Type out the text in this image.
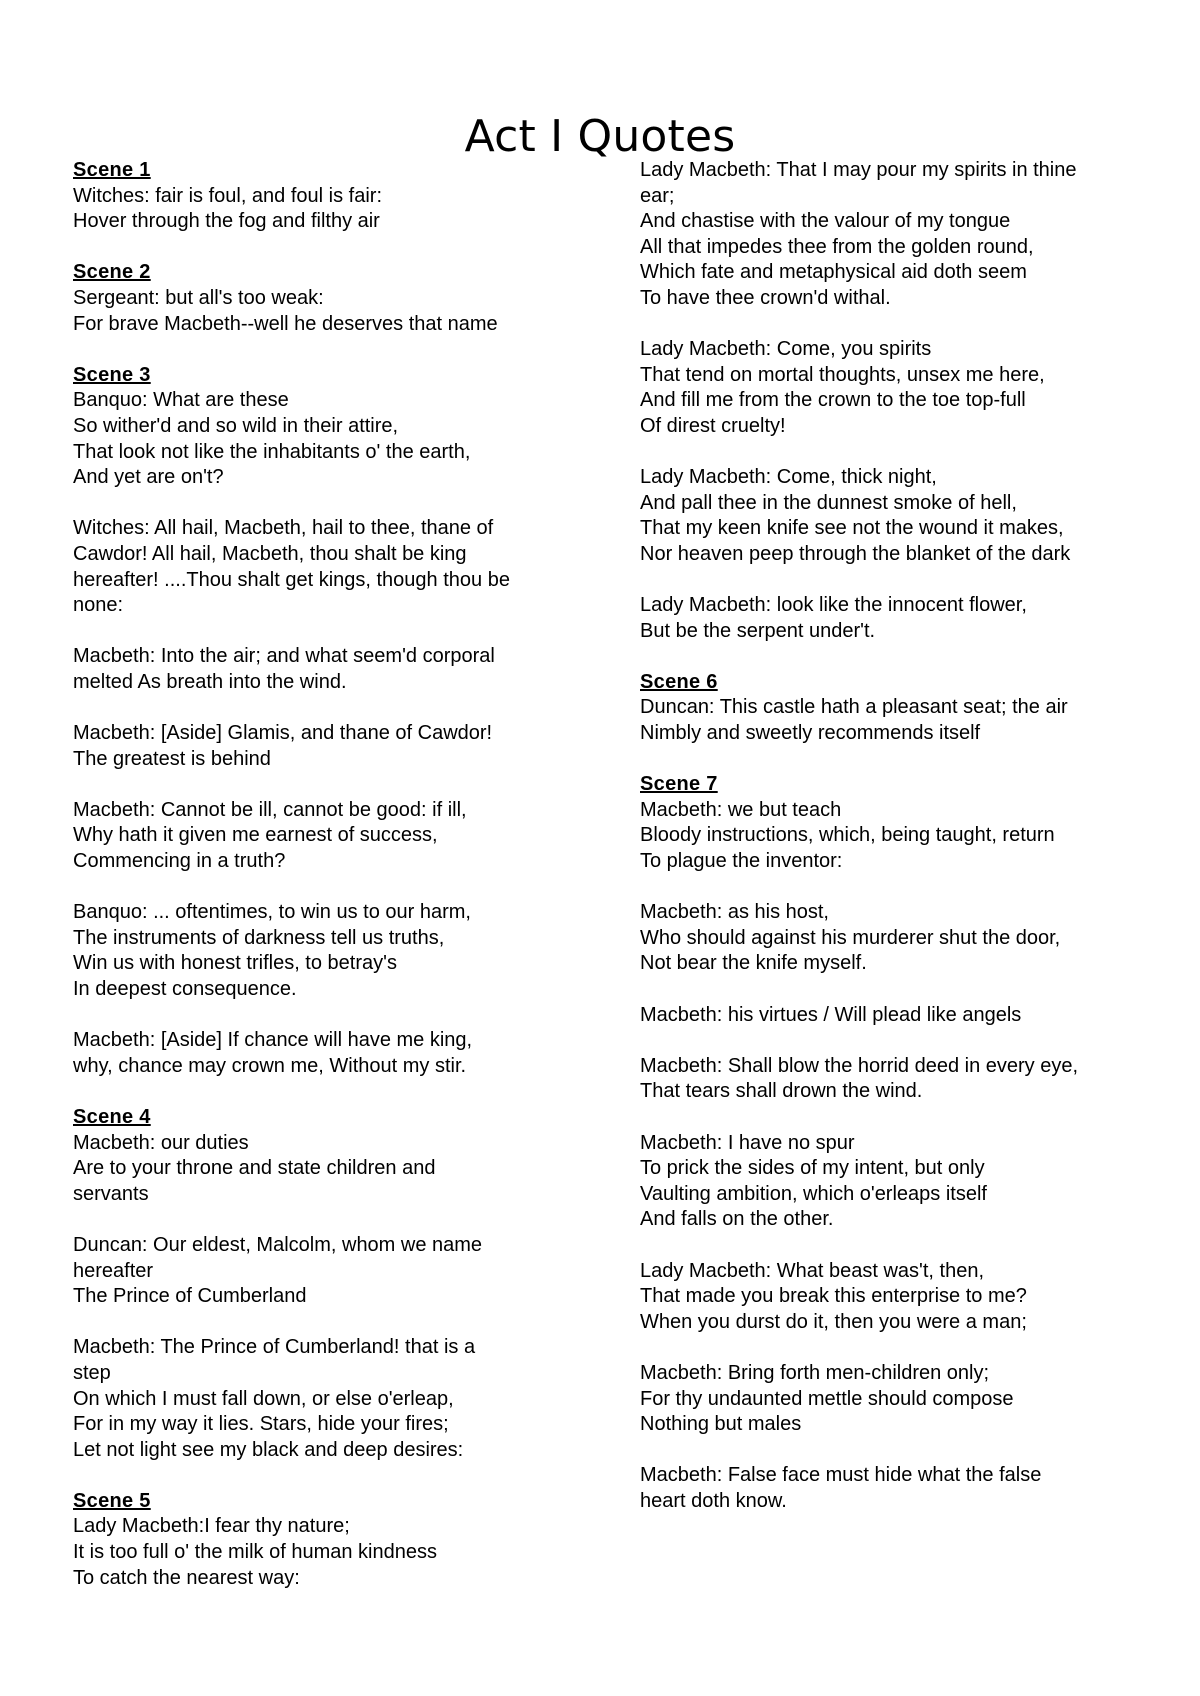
Act I Quotes
Scene 1
Witches: fair is foul, and foul is fair:
Hover through the fog and filthy air
Scene 2
Sergeant: but all's too weak:
For brave Macbeth--well he deserves that name
Scene 3
Banquo: What are these
So wither'd and so wild in their attire,
That look not like the inhabitants o' the earth,
And yet are on't?
Witches: All hail, Macbeth, hail to thee, thane of
Cawdor! All hail, Macbeth, thou shalt be king
hereafter! ....Thou shalt get kings, though thou be
none:
Macbeth: Into the air; and what seem'd corporal
melted As breath into the wind.
Macbeth: [Aside] Glamis, and thane of Cawdor!
The greatest is behind
Macbeth: Cannot be ill, cannot be good: if ill,
Why hath it given me earnest of success,
Commencing in a truth?
Banquo: ... oftentimes, to win us to our harm,
The instruments of darkness tell us truths,
Win us with honest trifles, to betray's
In deepest consequence.
Macbeth: [Aside] If chance will have me king,
why, chance may crown me, Without my stir.
Scene 4
Macbeth: our duties
Are to your throne and state children and
servants
Duncan: Our eldest, Malcolm, whom we name
hereafter
The Prince of Cumberland
Macbeth: The Prince of Cumberland! that is a
step
On which I must fall down, or else o'erleap,
For in my way it lies. Stars, hide your fires;
Let not light see my black and deep desires:
Scene 5
Lady Macbeth:I fear thy nature;
It is too full o' the milk of human kindness
To catch the nearest way:
Lady Macbeth: That I may pour my spirits in thine
ear;
And chastise with the valour of my tongue
All that impedes thee from the golden round,
Which fate and metaphysical aid doth seem
To have thee crown'd withal.
Lady Macbeth: Come, you spirits
That tend on mortal thoughts, unsex me here,
And fill me from the crown to the toe top-full
Of direst cruelty!
Lady Macbeth: Come, thick night,
And pall thee in the dunnest smoke of hell,
That my keen knife see not the wound it makes,
Nor heaven peep through the blanket of the dark
Lady Macbeth: look like the innocent flower,
But be the serpent under't.
Scene 6
Duncan: This castle hath a pleasant seat; the air
Nimbly and sweetly recommends itself
Scene 7
Macbeth: we but teach
Bloody instructions, which, being taught, return
To plague the inventor:
Macbeth: as his host,
Who should against his murderer shut the door,
Not bear the knife myself.
Macbeth: his virtues / Will plead like angels
Macbeth: Shall blow the horrid deed in every eye,
That tears shall drown the wind.
Macbeth: I have no spur
To prick the sides of my intent, but only
Vaulting ambition, which o'erleaps itself
And falls on the other.
Lady Macbeth: What beast was't, then,
That made you break this enterprise to me?
When you durst do it, then you were a man;
Macbeth: Bring forth men-children only;
For thy undaunted mettle should compose
Nothing but males
Macbeth: False face must hide what the false
heart doth know.
